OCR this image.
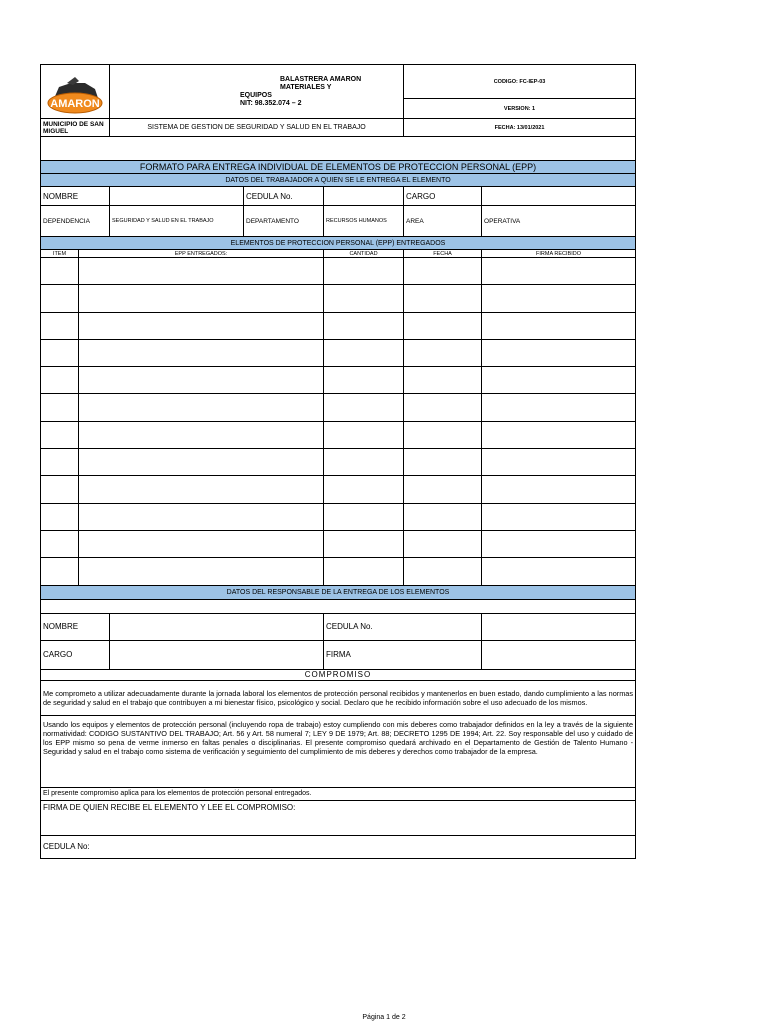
AMARON		BALASTRERA AMARON MATERIALES Y
EQUIPOS
NIT: 98.352.074 – 2			CODIGO: FC-IEP-03	
					VERSION: 1	
MUNICIPIO DE SAN MIGUEL		SISTEMA DE GESTION DE SEGURIDAD Y SALUD EN EL TRABAJO			FECHA: 13/01/2021	

FORMATO PARA ENTREGA INDIVIDUAL DE ELEMENTOS DE PROTECCION PERSONAL (EPP)						
DATOS DEL TRABAJADOR A QUIEN SE LE ENTREGA EL ELEMENTO						
NOMBRE			CEDULA No.		CARGO	
DEPENDENCIA		SEGURIDAD Y SALUD EN EL TRABAJO	DEPARTAMENTO	RECURSOS HUMANOS	AREA	OPERATIVA
ELEMENTOS DE PROTECCION PERSONAL (EPP) ENTREGADOS						
ITEM	EPP ENTREGADOS:			CANTIDAD	FECHA	FIRMA RECIBIDO

DATOS DEL RESPONSABLE DE LA ENTREGA DE LOS ELEMENTOS						

NOMBRE				CEDULA No.		
CARGO				FIRMA		
COMPROMISO						
Me comprometo a utilizar adecuadamente durante la jornada laboral los elementos de protección personal recibidos y mantenerlos en buen estado, dando cumplimiento a las normas de seguridad y salud en el trabajo que contribuyen a mi bienestar físico, psicológico y social. Declaro que he recibido información sobre el uso adecuado de los mismos.						
Usando los equipos y elementos de protección personal (incluyendo ropa de trabajo) estoy cumpliendo con mis deberes como trabajador definidos en la ley a través de la siguiente normatividad: CODIGO SUSTANTIVO DEL TRABAJO; Art. 56 y Art. 58 numeral 7; LEY 9 DE 1979; Art. 88; DECRETO 1295 DE 1994; Art. 22. Soy responsable del uso y cuidado de los EPP mismo so pena de verme inmerso en faltas penales o disciplinarias. El presente compromiso quedará archivado en el Departamento de Gestión de Talento Humano - Seguridad y salud en el trabajo como sistema de verificación y seguimiento del cumplimiento de mis deberes y derechos como trabajador de la empresa.						
El presente compromiso aplica para los elementos de protección personal entregados.						
FIRMA DE QUIEN RECIBE EL ELEMENTO Y LEE EL COMPROMISO:						
CEDULA No:						
Página 1 de 2
